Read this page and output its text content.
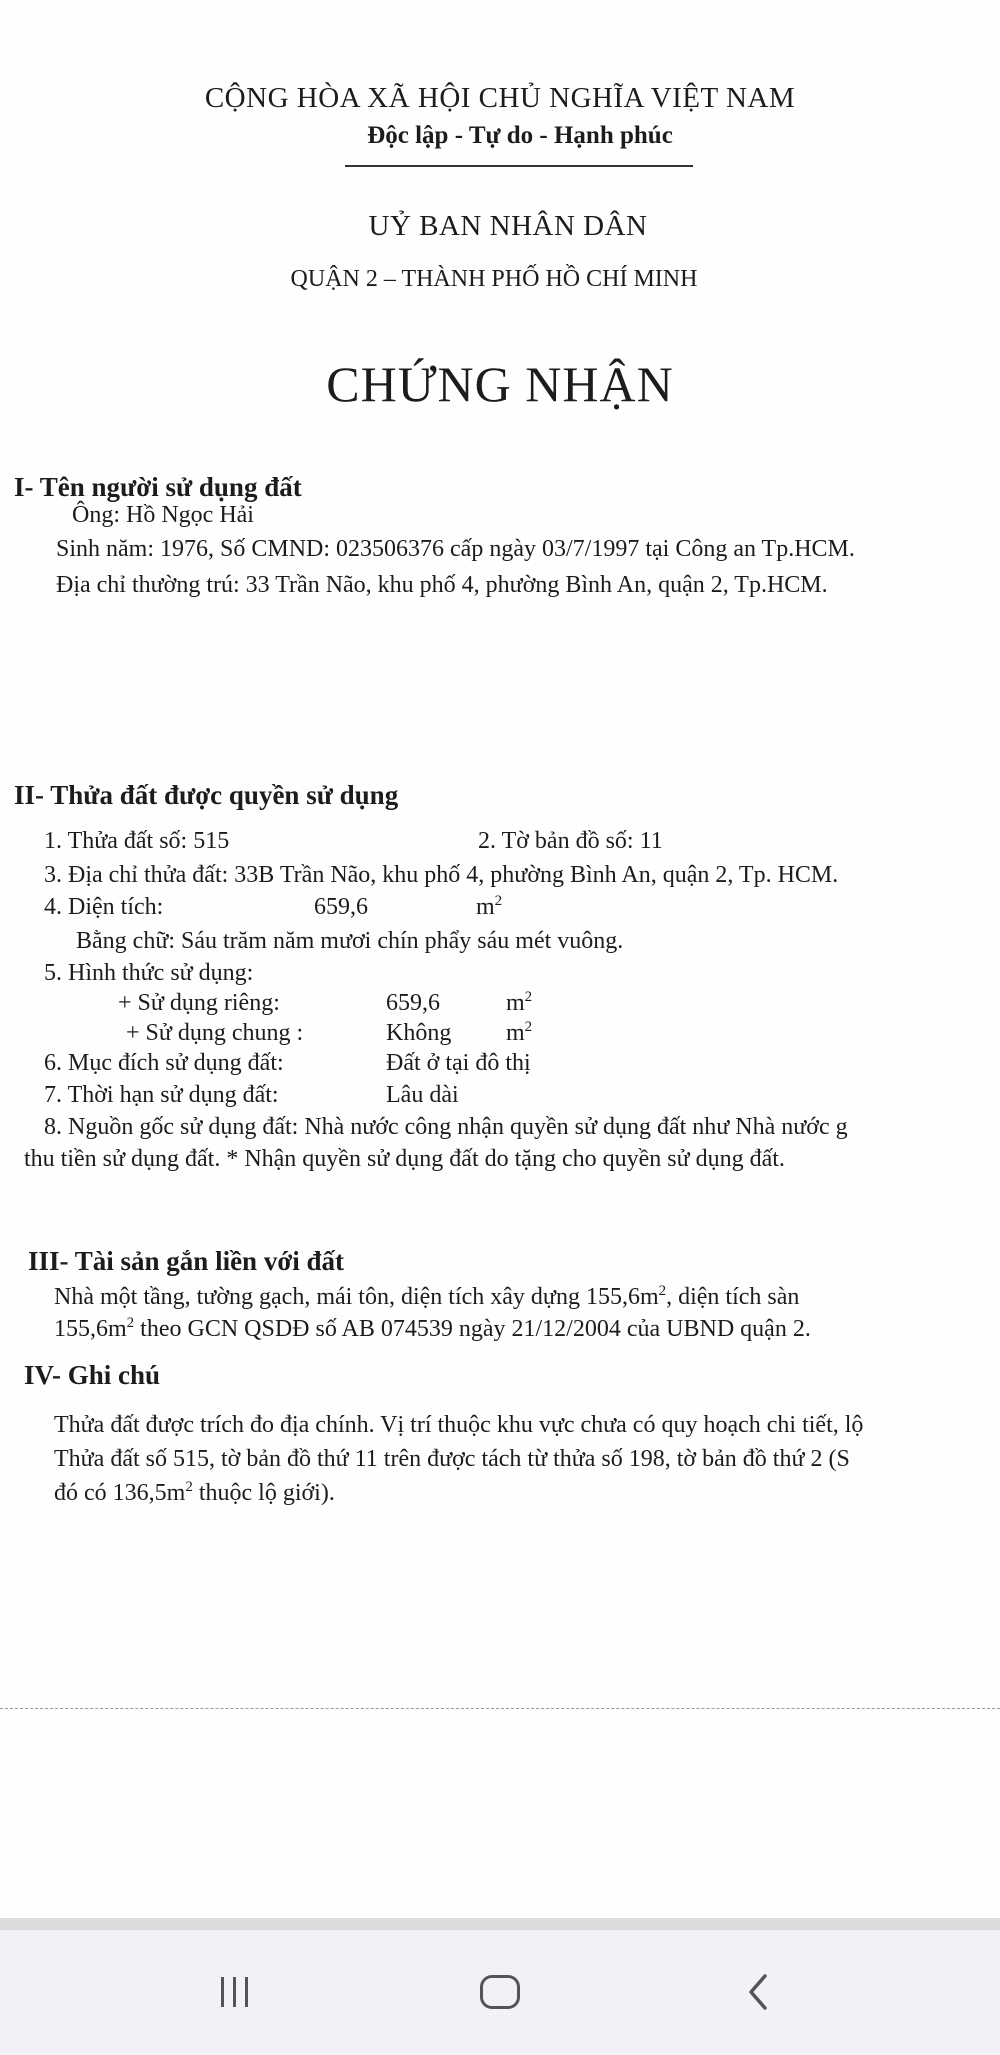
CỘNG HÒA XÃ HỘI CHỦ NGHĨA VIỆT NAM

Độc lập - Tự do - Hạnh phúc

UỶ BAN NHÂN DÂN

QUẬN 2 – THÀNH PHỐ HỒ CHÍ MINH

CHỨNG NHẬN

I- Tên người sử dụng đất

Ông: Hồ Ngọc Hải

Sinh năm: 1976, Số CMND: 023506376 cấp ngày 03/7/1997 tại Công an Tp.HCM.

Địa chỉ thường trú: 33 Trần Não, khu phố 4, phường Bình An, quận 2, Tp.HCM.

II- Thửa đất được quyền sử dụng

1. Thửa đất số: 515	2. Tờ bản đồ số: 11

3. Địa chỉ thửa đất: 33B Trần Não, khu phố 4, phường Bình An, quận 2, Tp. HCM.

4. Diện tích:	659,6	$m^2$

Bằng chữ: Sáu trăm năm mươi chín phẩy sáu mét vuông.

5. Hình thức sử dụng:

+ Sử dụng riêng:	659,6	$m^2$

+ Sử dụng chung :	Không $m^2$

6. Mục đích sử dụng đất:	Đất ở tại đô thị

7. Thời hạn sử dụng đất:	Lâu dài

8. Nguồn gốc sử dụng đất: Nhà nước công nhận quyền sử dụng đất như Nhà nước g

thu tiền sử dụng đất. * Nhận quyền sử dụng đất do tặng cho quyền sử dụng đất.

III- Tài sản gắn liền với đất

Nhà một tầng, tường gạch, mái tôn, diện tích xây dựng $155,6m^2$, diện tích sàn

$155,6m^2$ theo GCN QSDĐ số AB 074539 ngày 21/12/2004 của UBND quận 2.

IV- Ghi chú

Thửa đất được trích đo địa chính. Vị trí thuộc khu vực chưa có quy hoạch chi tiết, lộ

Thửa đất số 515, tờ bản đồ thứ 11 trên được tách từ thửa số 198, tờ bản đồ thứ 2 (S

đó có $136,5m^2$ thuộc lộ giới).
